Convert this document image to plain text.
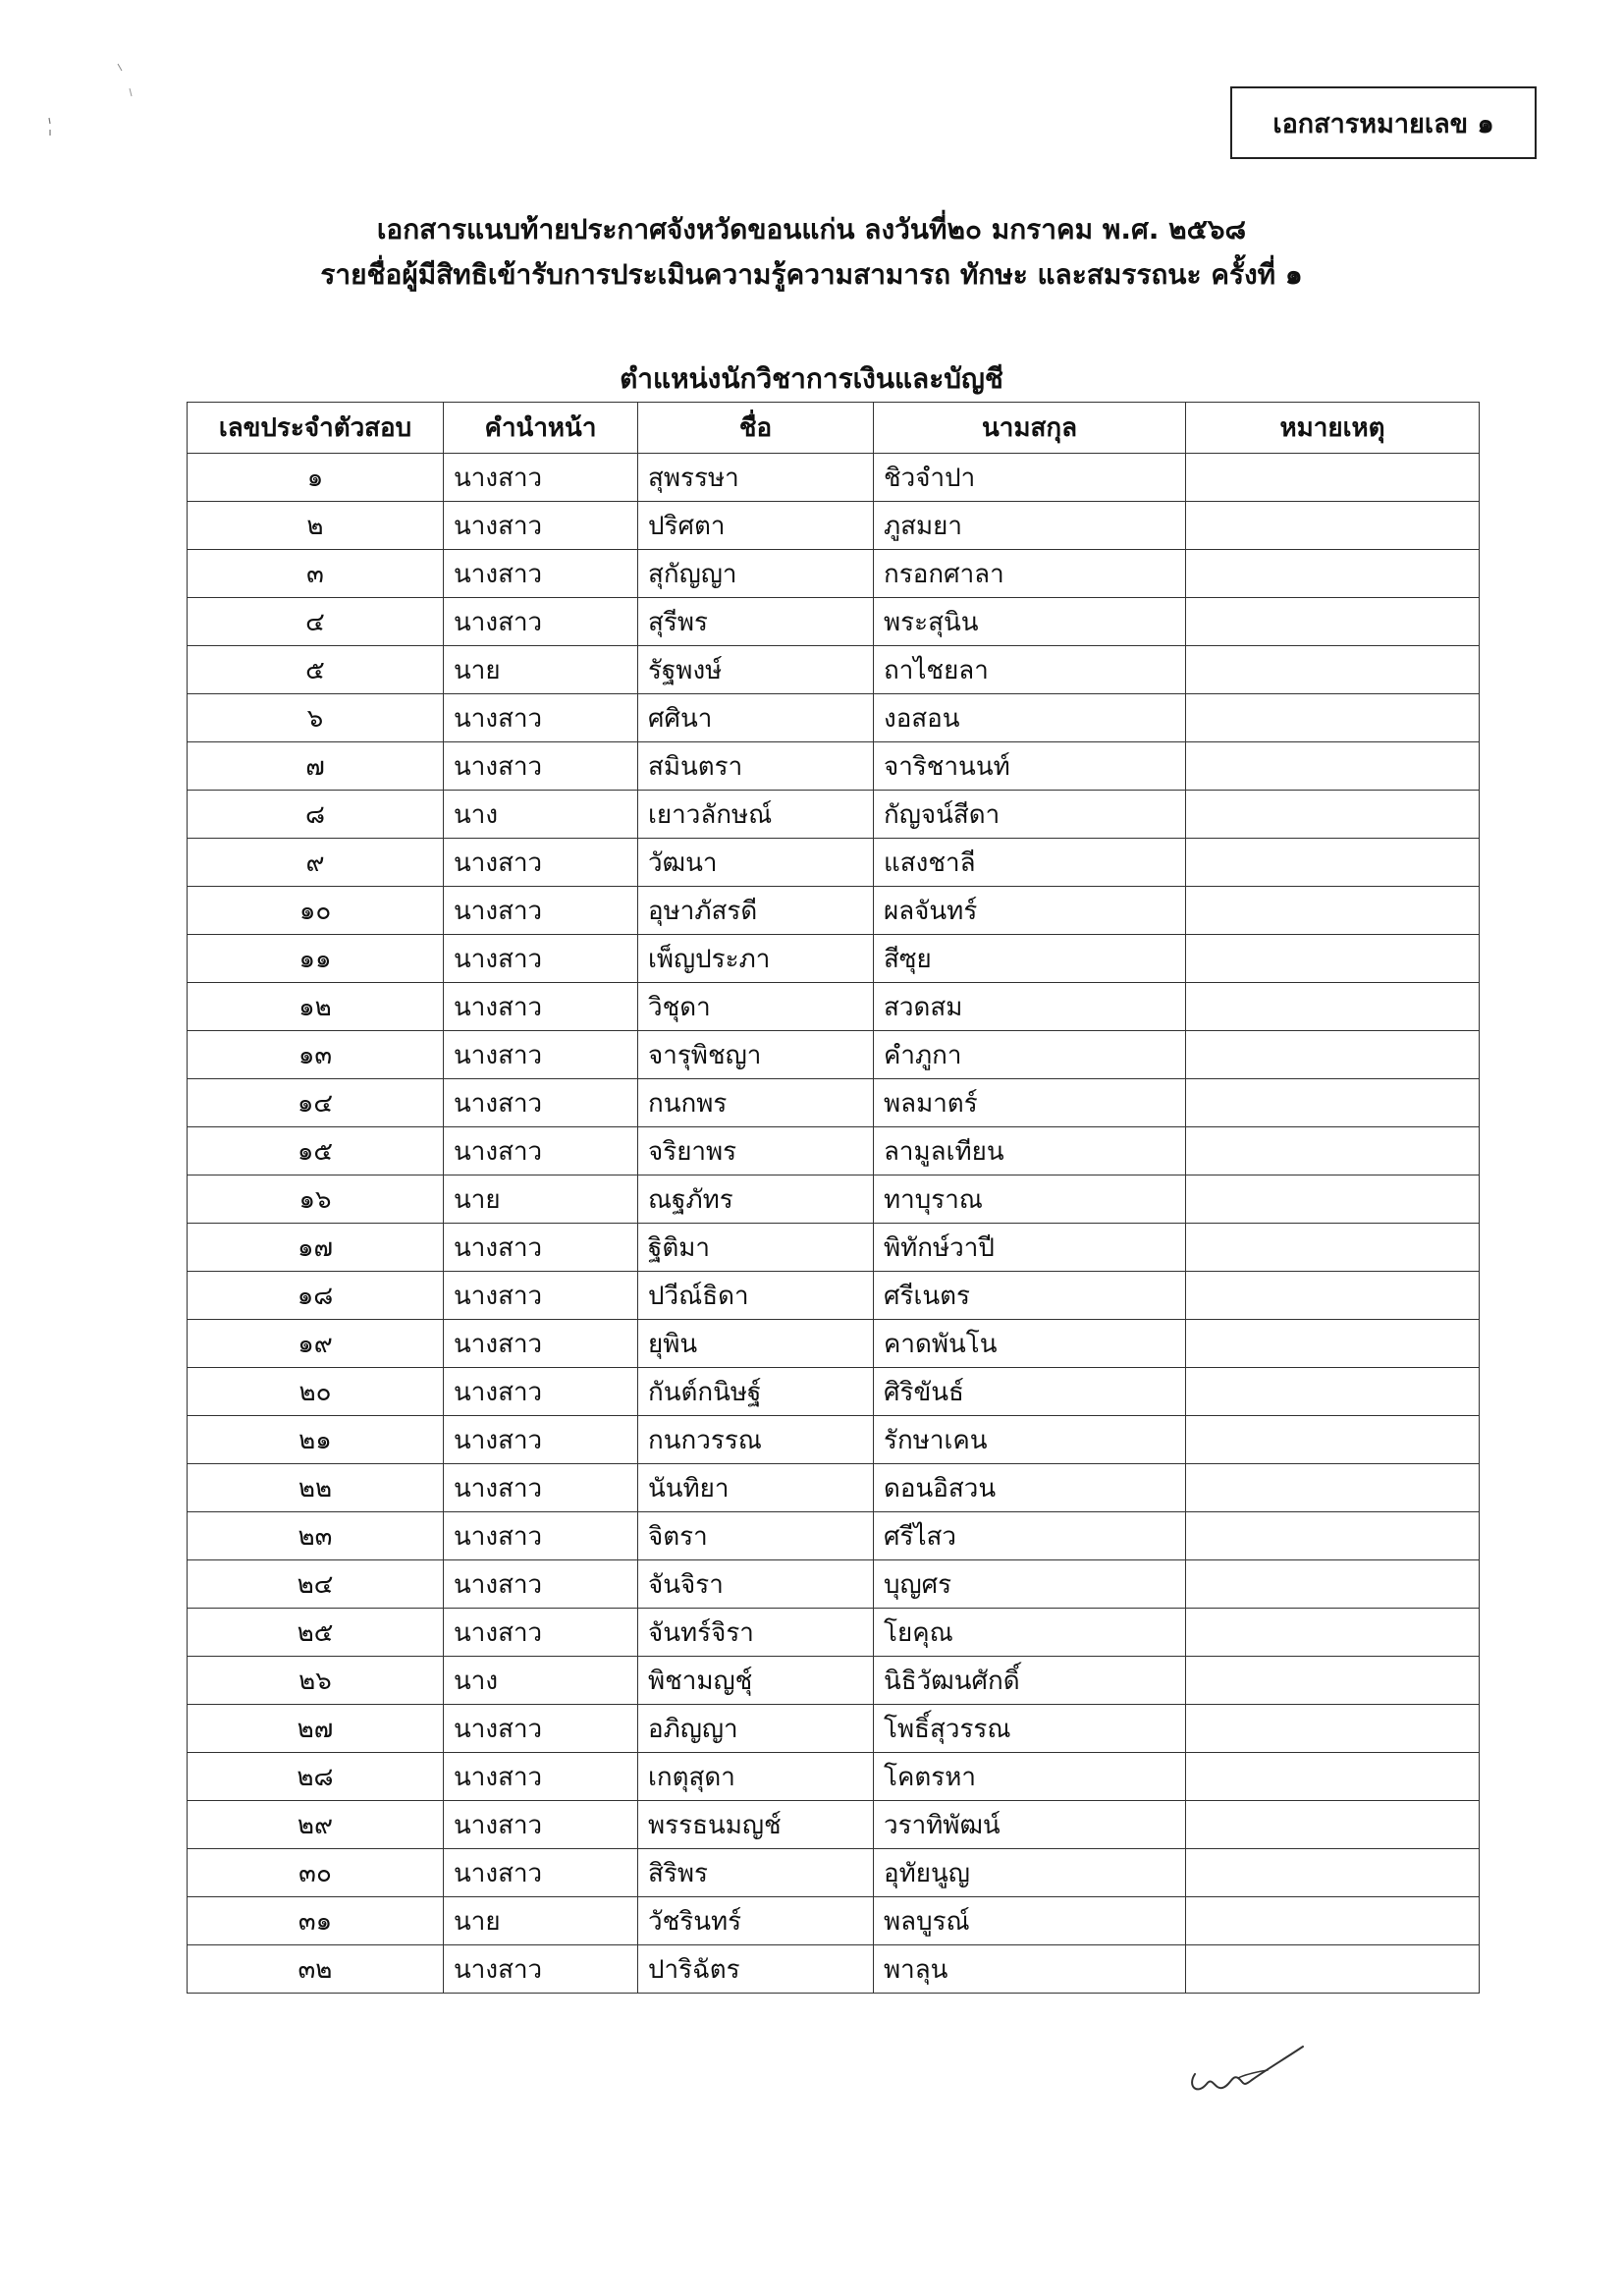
เอกสารหมายเลข ๑
เอกสารแนบท้ายประกาศจังหวัดขอนแก่น ลงวันที่๒๐ มกราคม พ.ศ. ๒๕๖๘
รายชื่อผู้มีสิทธิเข้ารับการประเมินความรู้ความสามารถ ทักษะ และสมรรถนะ ครั้งที่ ๑
ตำแหน่งนักวิชาการเงินและบัญชี
เลขประจำตัวสอบ	คำนำหน้า	ชื่อ	นามสกุล	หมายเหตุ
๑	นางสาว	สุพรรษา	ชิวจำปา	
๒	นางสาว	ปริศตา	ภูสมยา	
๓	นางสาว	สุกัญญา	กรอกศาลา	
๔	นางสาว	สุรีพร	พระสุนิน	
๕	นาย	รัฐพงษ์	ถาไชยลา	
๖	นางสาว	ศศินา	งอสอน	
๗	นางสาว	สมินตรา	จาริชานนท์	
๘	นาง	เยาวลักษณ์	กัญจน์สีดา	
๙	นางสาว	วัฒนา	แสงชาลี	
๑๐	นางสาว	อุษาภัสรดี	ผลจันทร์	
๑๑	นางสาว	เพ็ญประภา	สีซุย	
๑๒	นางสาว	วิชุดา	สวดสม	
๑๓	นางสาว	จารุพิชญา	คำภูกา	
๑๔	นางสาว	กนกพร	พลมาตร์	
๑๕	นางสาว	จริยาพร	ลามูลเทียน	
๑๖	นาย	ณฐภัทร	ทาบุราณ	
๑๗	นางสาว	ฐิติมา	พิทักษ์วาปี	
๑๘	นางสาว	ปวีณ์ธิดา	ศรีเนตร	
๑๙	นางสาว	ยุพิน	คาดพันโน	
๒๐	นางสาว	กันต์กนิษฐ์	ศิริขันธ์	
๒๑	นางสาว	กนกวรรณ	รักษาเคน	
๒๒	นางสาว	นันทิยา	ดอนอิสวน	
๒๓	นางสาว	จิตรา	ศรีไสว	
๒๔	นางสาว	จันจิรา	บุญศร	
๒๕	นางสาว	จันทร์จิรา	โยคุณ	
๒๖	นาง	พิชามญชุ์	นิธิวัฒนศักดิ์	
๒๗	นางสาว	อภิญญา	โพธิ์สุวรรณ	
๒๘	นางสาว	เกตุสุดา	โคตรหา	
๒๙	นางสาว	พรรธนมญช์	วราทิพัฒน์	
๓๐	นางสาว	สิริพร	อุทัยนูญ	
๓๑	นาย	วัชรินทร์	พลบูรณ์	
๓๒	นางสาว	ปาริฉัตร	พาลุน	
